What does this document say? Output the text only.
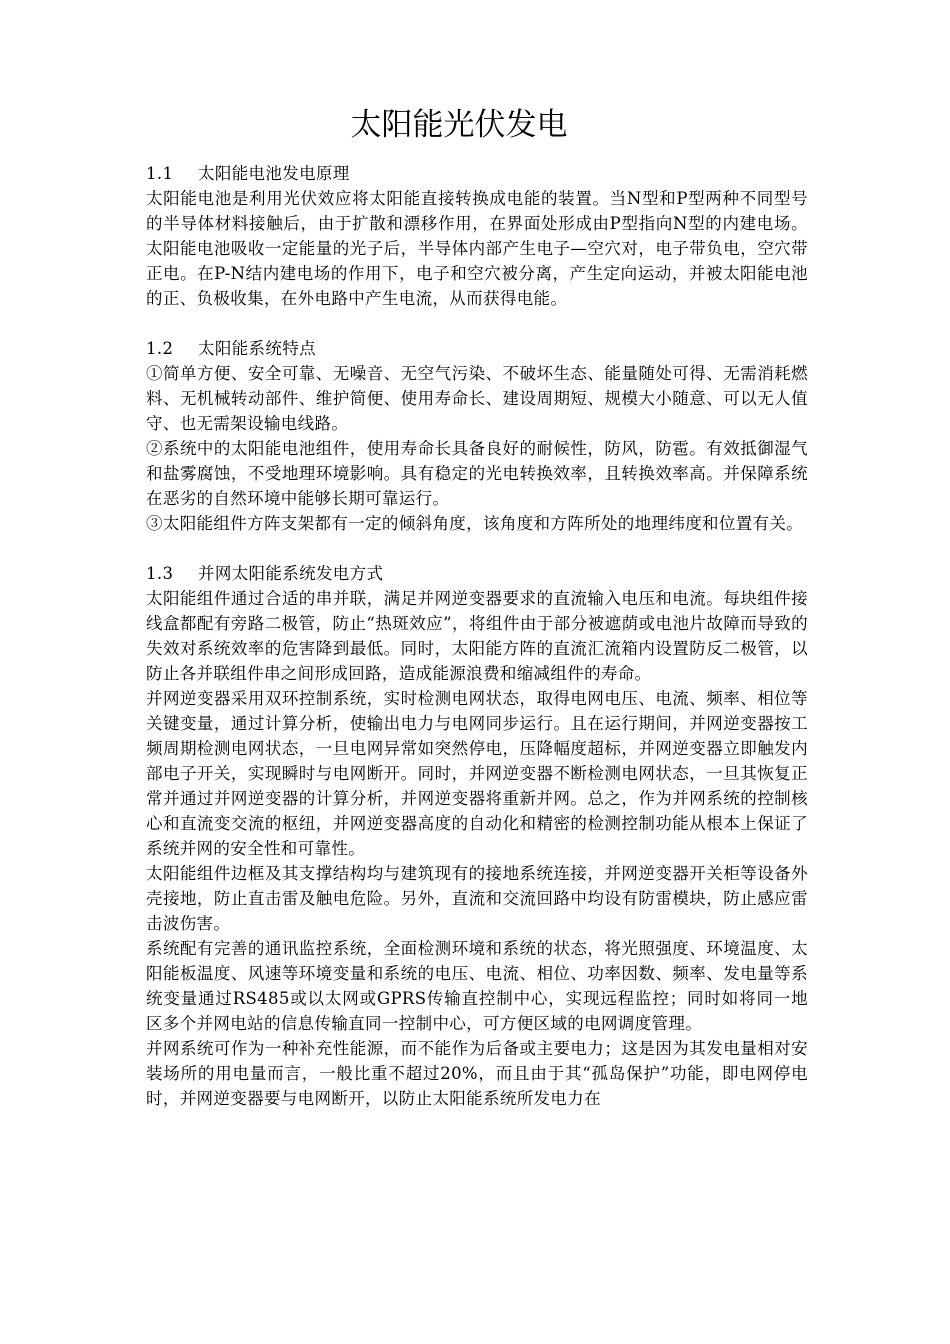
太阳能光伏发电
1.1 太阳能电池发电原理

太阳能电池是利用光伏效应将太阳能直接转换成电能的装置。当N型和P型两种不同型号的半导体材料接触后，由于扩散和漂移作用，在界面处形成由P型指向N型的内建电场。太阳能电池吸收一定能量的光子后，半导体内部产生电子—空穴对，电子带负电，空穴带正电。在P-N结内建电场的作用下，电子和空穴被分离，产生定向运动，并被太阳能电池的正、负极收集，在外电路中产生电流，从而获得电能。

1.2 太阳能系统特点

①简单方便、安全可靠、无噪音、无空气污染、不破坏生态、能量随处可得、无需消耗燃料、无机械转动部件、维护简便、使用寿命长、建设周期短、规模大小随意、可以无人值守、也无需架设输电线路。

②系统中的太阳能电池组件，使用寿命长具备良好的耐候性，防风，防雹。有效抵御湿气和盐雾腐蚀，不受地理环境影响。具有稳定的光电转换效率，且转换效率高。并保障系统在恶劣的自然环境中能够长期可靠运行。

③太阳能组件方阵支架都有一定的倾斜角度，该角度和方阵所处的地理纬度和位置有关。

1.3 并网太阳能系统发电方式

太阳能组件通过合适的串并联，满足并网逆变器要求的直流输入电压和电流。每块组件接线盒都配有旁路二极管，防止“热斑效应”，将组件由于部分被遮荫或电池片故障而导致的失效对系统效率的危害降到最低。同时，太阳能方阵的直流汇流箱内设置防反二极管，以防止各并联组件串之间形成回路，造成能源浪费和缩减组件的寿命。

并网逆变器采用双环控制系统，实时检测电网状态，取得电网电压、电流、频率、相位等关键变量，通过计算分析，使输出电力与电网同步运行。且在运行期间，并网逆变器按工频周期检测电网状态，一旦电网异常如突然停电，压降幅度超标，并网逆变器立即触发内部电子开关，实现瞬时与电网断开。同时，并网逆变器不断检测电网状态，一旦其恢复正常并通过并网逆变器的计算分析，并网逆变器将重新并网。总之，作为并网系统的控制核心和直流变交流的枢纽，并网逆变器高度的自动化和精密的检测控制功能从根本上保证了系统并网的安全性和可靠性。

太阳能组件边框及其支撑结构均与建筑现有的接地系统连接，并网逆变器开关柜等设备外壳接地，防止直击雷及触电危险。另外，直流和交流回路中均设有防雷模块，防止感应雷击波伤害。

系统配有完善的通讯监控系统，全面检测环境和系统的状态，将光照强度、环境温度、太阳能板温度、风速等环境变量和系统的电压、电流、相位、功率因数、频率、发电量等系统变量通过RS485或以太网或GPRS传输直控制中心，实现远程监控；同时如将同一地区多个并网电站的信息传输直同一控制中心，可方便区域的电网调度管理。

并网系统可作为一种补充性能源，而不能作为后备或主要电力；这是因为其发电量相对安装场所的用电量而言，一般比重不超过20%，而且由于其“孤岛保护”功能，即电网停电时，并网逆变器要与电网断开，以防止太阳能系统所发电力在
